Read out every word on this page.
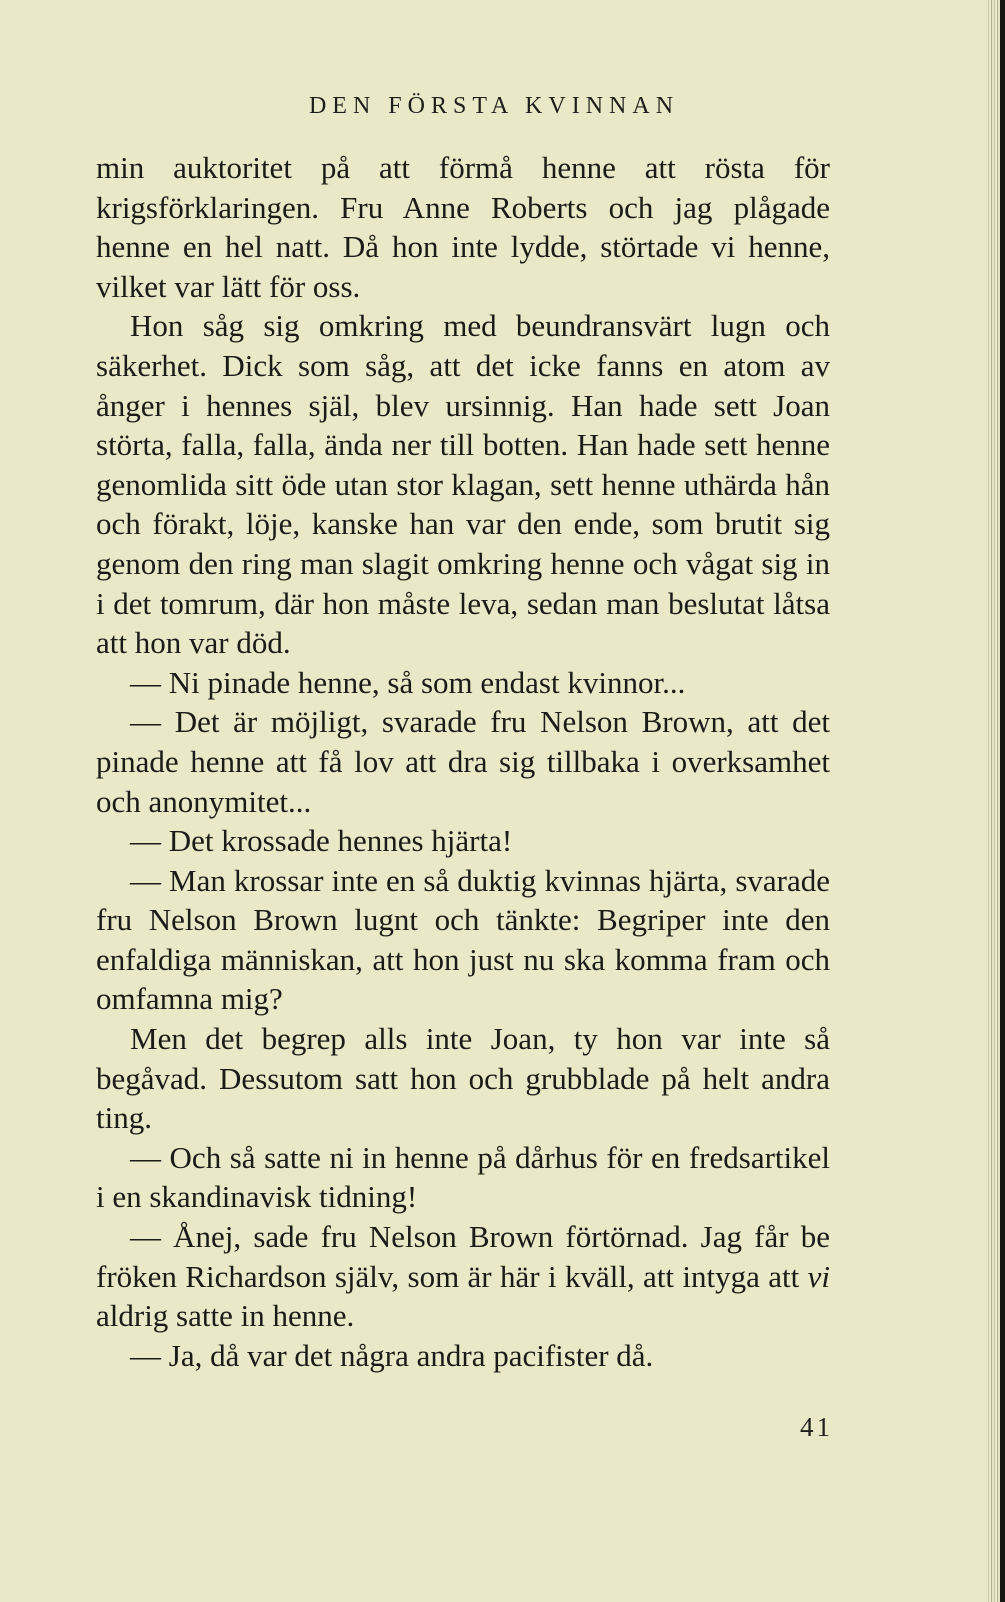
DEN FÖRSTA KVINNAN

min auktoritet på att förmå henne att rösta för krigsförklaringen. Fru Anne Roberts och jag plågade henne en hel natt. Då hon inte lydde, störtade vi henne, vilket var lätt för oss.

Hon såg sig omkring med beundransvärt lugn och säkerhet. Dick som såg, att det icke fanns en atom av ånger i hennes själ, blev ursinnig. Han hade sett Joan störta, falla, falla, ända ner till botten. Han hade sett henne genomlida sitt öde utan stor klagan, sett henne uthärda hån och förakt, löje, kanske han var den ende, som brutit sig genom den ring man slagit omkring henne och vågat sig in i det tomrum, där hon måste leva, sedan man beslutat låtsa att hon var död.

— Ni pinade henne, så som endast kvinnor...

— Det är möjligt, svarade fru Nelson Brown, att det pinade henne att få lov att dra sig tillbaka i overksamhet och anonymitet...

— Det krossade hennes hjärta!

— Man krossar inte en så duktig kvinnas hjärta, svarade fru Nelson Brown lugnt och tänkte: Begriper inte den enfaldiga människan, att hon just nu ska komma fram och omfamna mig?

Men det begrep alls inte Joan, ty hon var inte så begåvad. Dessutom satt hon och grubblade på helt andra ting.

— Och så satte ni in henne på dårhus för en fredsartikel i en skandinavisk tidning!

— Ånej, sade fru Nelson Brown förtörnad. Jag får be fröken Richardson själv, som är här i kväll, att intyga att vi aldrig satte in henne.

— Ja, då var det några andra pacifister då.

41
